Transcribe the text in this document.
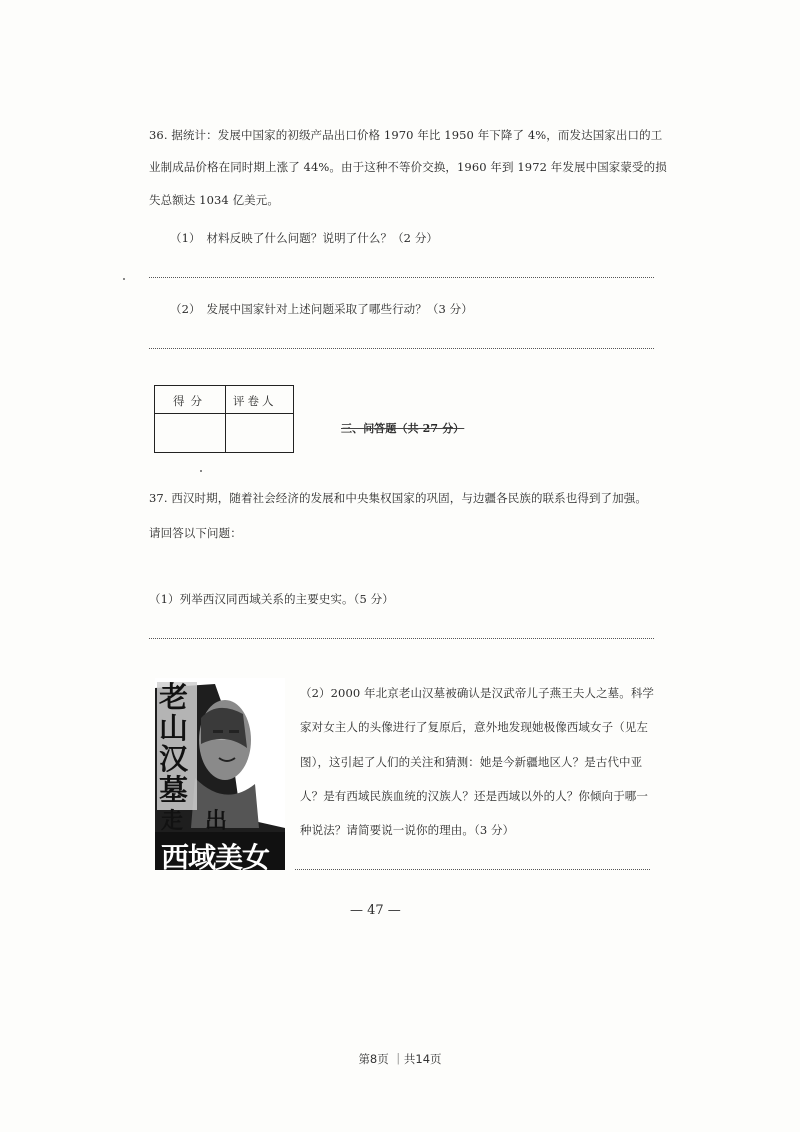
36. 据统计：发展中国家的初级产品出口价格 1970 年比 1950 年下降了 4%，而发达国家出口的工
业制成品价格在同时期上涨了 44%。由于这种不等价交换，1960 年到 1972 年发展中国家蒙受的损
失总额达 1034 亿美元。
（1）　材料反映了什么问题？说明了什么？（2 分）
（2）　发展中国家针对上述问题采取了哪些行动？（3 分）
得分 评卷人
三、问答题（共 27 分）
37. 西汉时期，随着社会经济的发展和中央集权国家的巩固，与边疆各民族的联系也得到了加强。
请回答以下问题：
（1）列举西汉同西域关系的主要史实。（5 分）
老山汉墓
走出
西域美女
（2）2000 年北京老山汉墓被确认是汉武帝儿子燕王夫人之墓。科学
家对女主人的头像进行了复原后，意外地发现她极像西域女子（见左
图），这引起了人们的关注和猜测：她是今新疆地区人？是古代中亚
人？是有西域民族血统的汉族人？还是西域以外的人？你倾向于哪一
种说法？请简要说一说你的理由。（3 分）
— 47 —
第8页 ｜共14页
